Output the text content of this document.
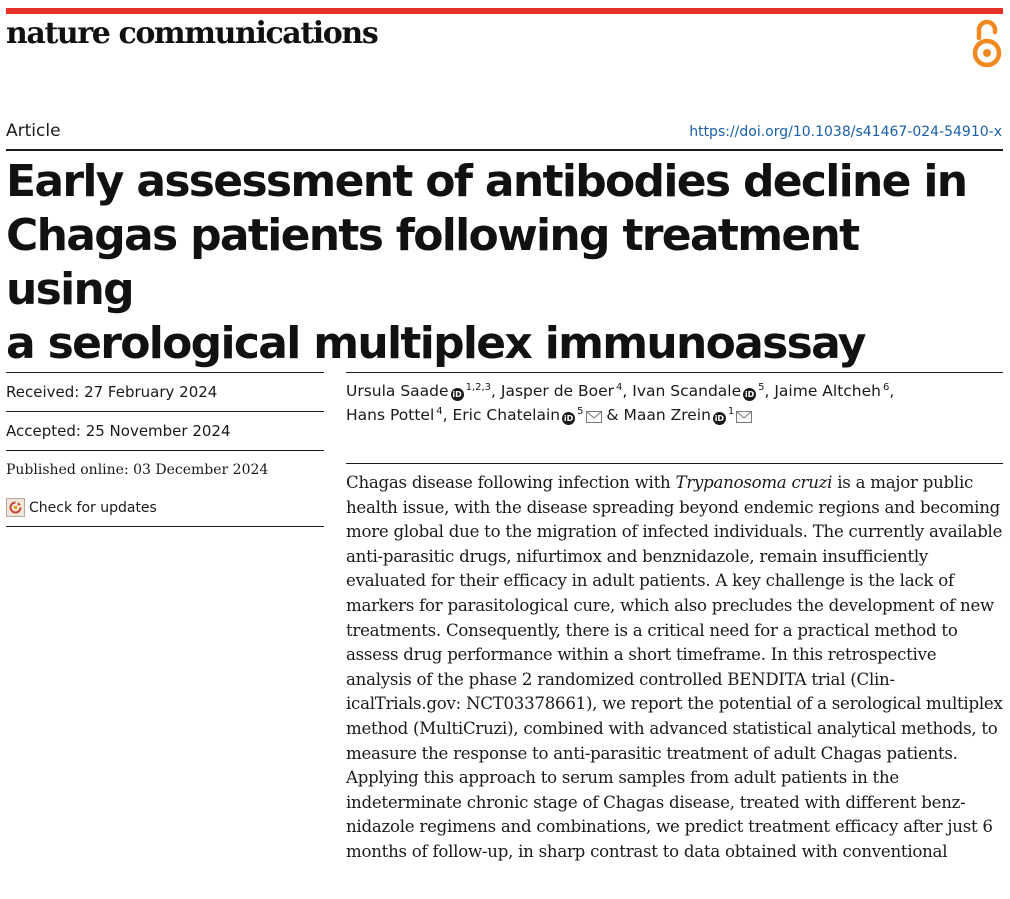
nature communications
Article	https://doi.org/10.1038/s41467-024-54910-x
Early assessment of antibodies decline in
Chagas patients following treatment using
a serological multiplex immunoassay
Received: 27 February 2024
Accepted: 25 November 2024
Published online: 03 December 2024
Check for updates
Ursula Saade iD$^{1,2,3}$, Jasper de Boer $^4$, Ivan Scandale iD$^5$, Jaime Altcheh $^6$,
Hans Pottel $^4$, Eric Chatelain iD$^5$ & Maan Zrein iD$^1$

Chagas disease following infection with Trypanosoma cruzi is a major public health issue, with the disease spreading beyond endemic regions and becoming more global due to the migration of infected individuals. The currently available anti-parasitic drugs, nifurtimox and benznidazole, remain insufficiently evaluated for their efficacy in adult patients. A key challenge is the lack of markers for parasitological cure, which also precludes the development of new treatments. Consequently, there is a critical need for a practical method to assess drug performance within a short timeframe. In this retrospective analysis of the phase 2 randomized controlled BENDITA trial (ClinicalTrials.gov: NCT03378661), we report the potential of a serological multiplex method (MultiCruzi), combined with advanced statistical analytical methods, to measure the response to anti-parasitic treatment of adult Chagas patients. Applying this approach to serum samples from adult patients in the indeterminate chronic stage of Chagas disease, treated with different benznidazole regimens and combinations, we predict treatment efficacy after just 6 months of follow-up, in sharp contrast to data obtained with conventional
